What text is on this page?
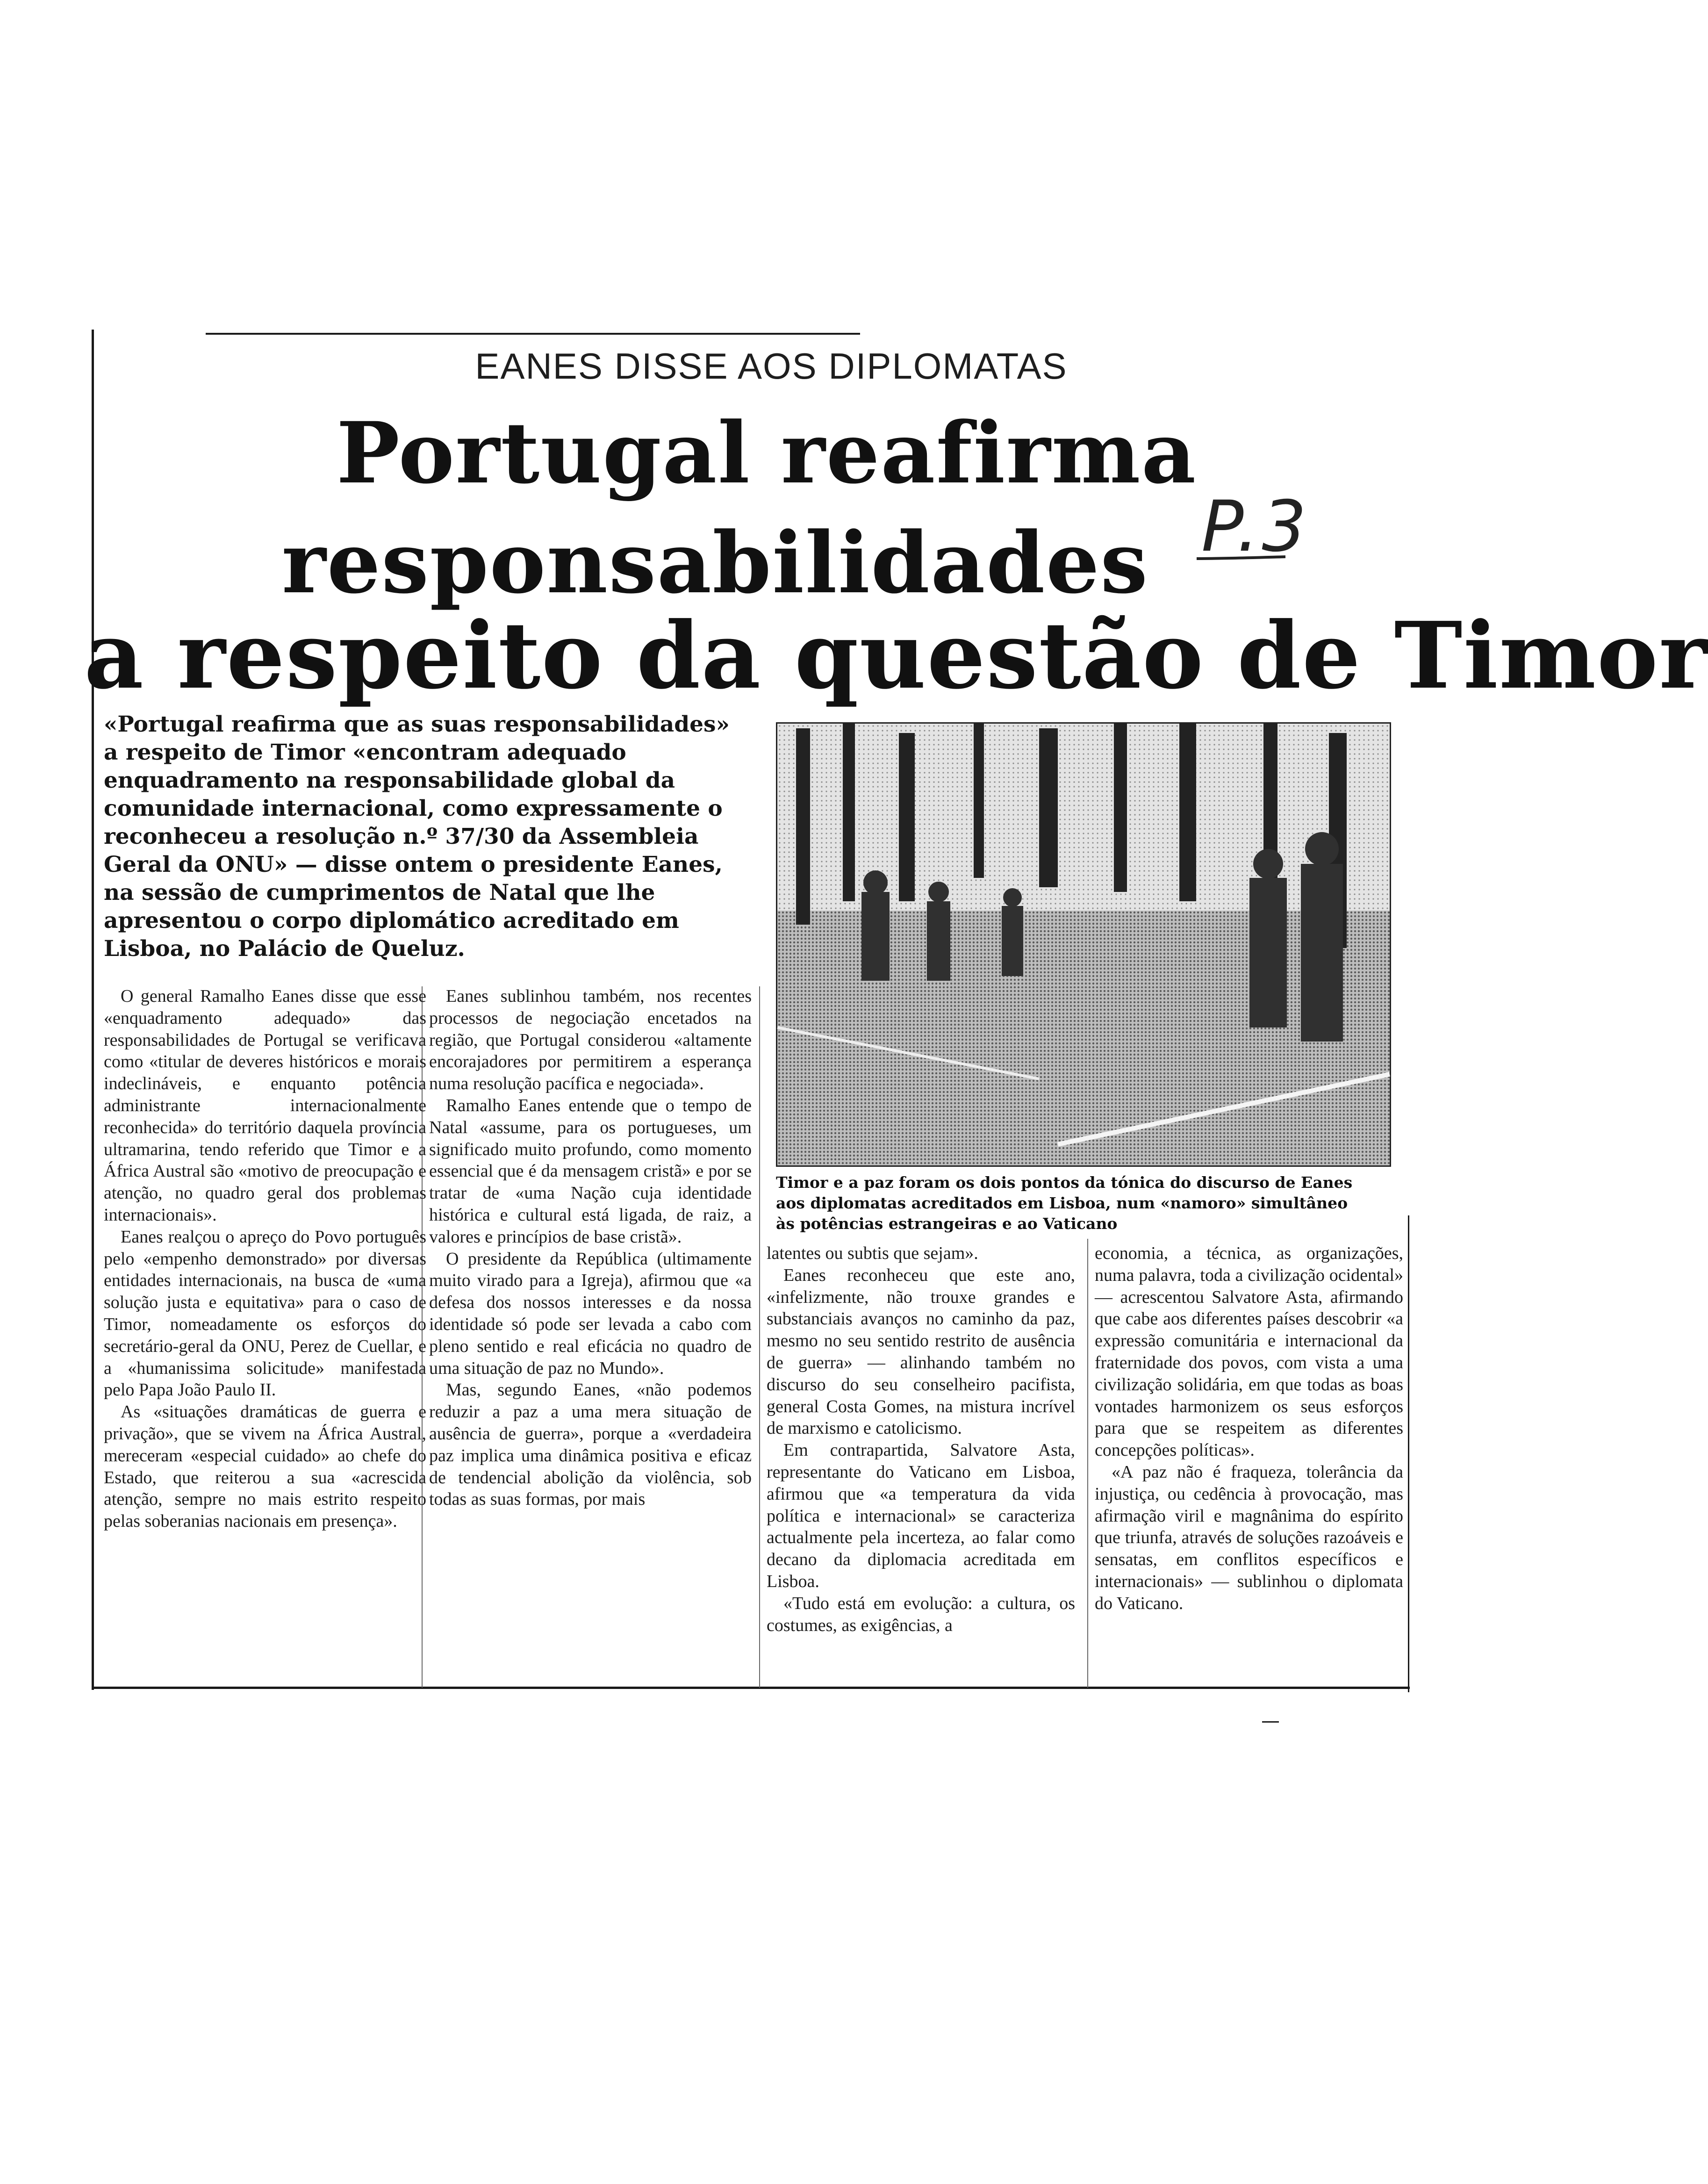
EANES DISSE AOS DIPLOMATAS
Portugal reafirma
responsabilidades
a respeito da questão de Timor
P.3
«Portugal reafirma que as suas responsabilidades»
a respeito de Timor «encontram adequado
enquadramento na responsabilidade global da
comunidade internacional, como expressamente o
reconheceu a resolução n.º 37/30 da Assembleia
Geral da ONU» — disse ontem o presidente Eanes,
na sessão de cumprimentos de Natal que lhe
apresentou o corpo diplomático acreditado em
Lisboa, no Palácio de Queluz.
Timor e a paz foram os dois pontos da tónica do discurso de Eanes
aos diplomatas acreditados em Lisboa, num «namoro» simultâneo
às potências estrangeiras e ao Vaticano

O general Ramalho Eanes disse que esse «enquadramento adequado» das responsabilidades de Portugal se verificava como «titular de deveres históricos e morais indeclináveis, e enquanto potência administrante internacionalmente reconhecida» do território daquela província ultramarina, tendo referido que Timor e a África Austral são «motivo de preocupação e atenção, no quadro geral dos problemas internacionais».

Eanes realçou o apreço do Povo português pelo «empenho demonstrado» por diversas entidades internacionais, na busca de «uma solução justa e equitativa» para o caso de Timor, nomeadamente os esforços do secretário-geral da ONU, Perez de Cuellar, e a «humanissima solicitude» manifestada pelo Papa João Paulo II.

As «situações dramáticas de guerra e privação», que se vivem na África Austral, mereceram «especial cuidado» ao chefe do Estado, que reiterou a sua «acrescida atenção, sempre no mais estrito respeito pelas soberanias nacionais em presença».

Eanes sublinhou também, nos recentes processos de negociação encetados na região, que Portugal considerou «altamente encorajadores por permitirem a esperança numa resolução pacífica e negociada».

Ramalho Eanes entende que o tempo de Natal «assume, para os portugueses, um significado muito profundo, como momento essencial que é da mensagem cristã» e por se tratar de «uma Nação cuja identidade histórica e cultural está ligada, de raiz, a valores e princípios de base cristã».

O presidente da República (ultimamente muito virado para a Igreja), afirmou que «a defesa dos nossos interesses e da nossa identidade só pode ser levada a cabo com pleno sentido e real eficácia no quadro de uma situação de paz no Mundo».

Mas, segundo Eanes, «não podemos reduzir a paz a uma mera situação de ausência de guerra», porque a «verdadeira paz implica uma dinâmica positiva e eficaz de tendencial abolição da violência, sob todas as suas formas, por mais

latentes ou subtis que sejam».

Eanes reconheceu que este ano, «infelizmente, não trouxe grandes e substanciais avanços no caminho da paz, mesmo no seu sentido restrito de ausência de guerra» — alinhando também no discurso do seu conselheiro pacifista, general Costa Gomes, na mistura incrível de marxismo e catolicismo.

Em contrapartida, Salvatore Asta, representante do Vaticano em Lisboa, afirmou que «a temperatura da vida política e internacional» se caracteriza actualmente pela incerteza, ao falar como decano da diplomacia acreditada em Lisboa.

«Tudo está em evolução: a cultura, os costumes, as exigências, a

economia, a técnica, as organizações, numa palavra, toda a civilização ocidental» — acrescentou Salvatore Asta, afirmando que cabe aos diferentes países descobrir «a expressão comunitária e internacional da fraternidade dos povos, com vista a uma civilização solidária, em que todas as boas vontades harmonizem os seus esforços para que se respeitem as diferentes concepções políticas».

«A paz não é fraqueza, tolerância da injustiça, ou cedência à provocação, mas afirmação viril e magnânima do espírito que triunfa, através de soluções razoáveis e sensatas, em conflitos específicos e internacionais» — sublinhou o diplomata do Vaticano.
